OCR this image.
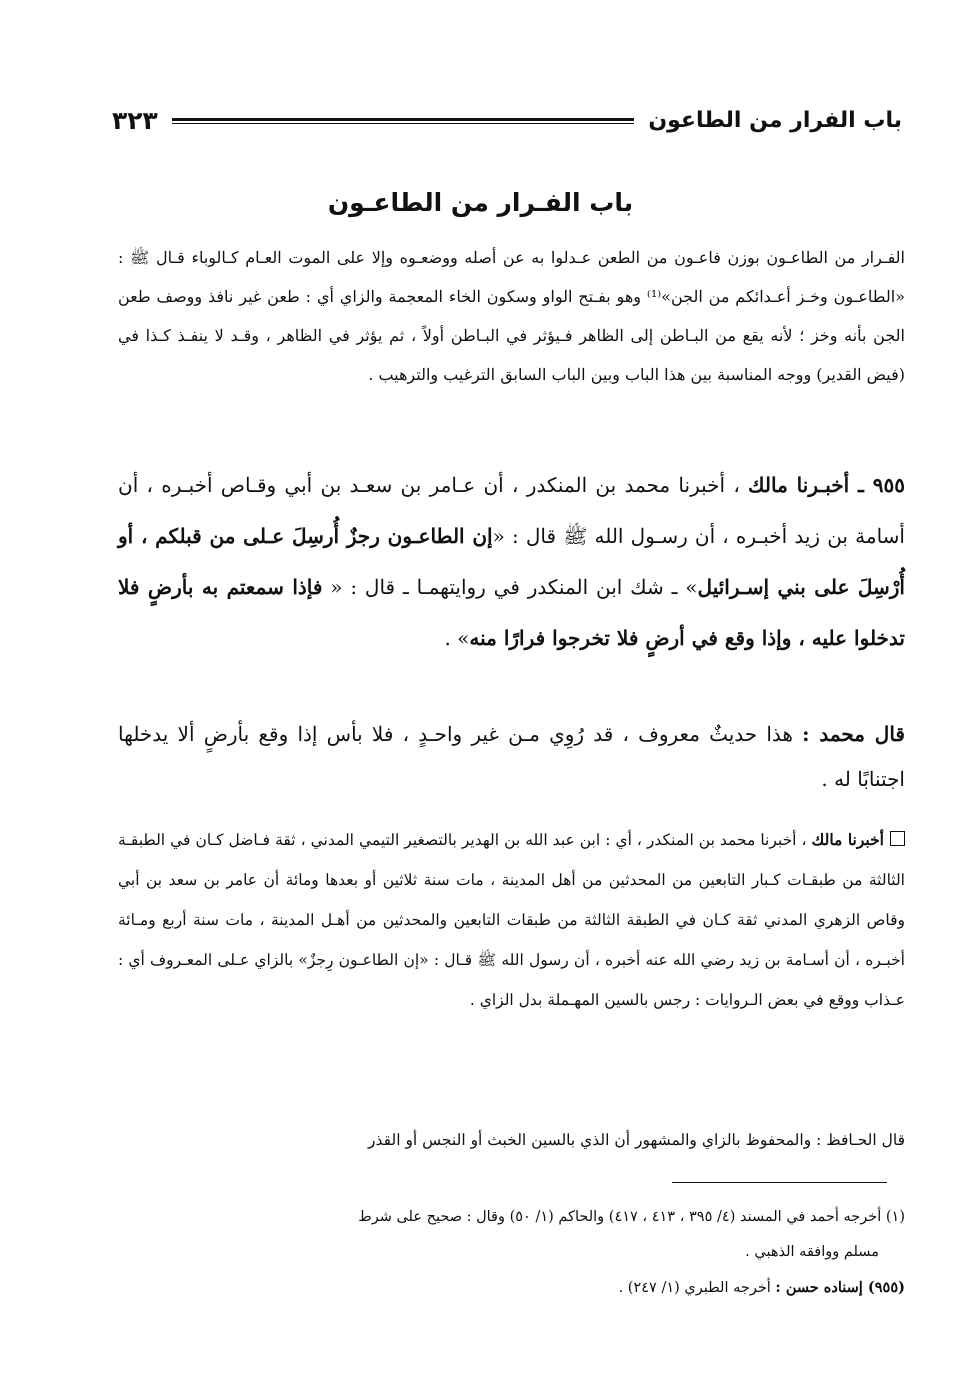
٣٢٣	باب الفرار من الطاعون
باب الفـرار من الطاعـون
الفـرار من الطاعـون بوزن فاعـون من الطعن عـدلوا به عن أصله ووضعـوه وإلا على الموت العـام كـالوباء قـال ﷺ : «الطاعـون وخـز أعـدائكم من الجن»⁽¹⁾ وهو بفـتح الواو وسكون الخاء المعجمة والزاي أي : طعن غير نافذ ووصف طعن الجن بأنه وخز ؛ لأنه يقع من البـاطن إلى الظاهر فـيؤثر في البـاطن أولاً ، ثم يؤثر في الظاهر ، وقـد لا ينفـذ كـذا في (فيض القدير) ووجه المناسبة بين هذا الباب وبين الباب السابق الترغيب والترهيب .
٩٥٥ ـ أخبـرنا مالك ، أخبرنا محمد بن المنكدر ، أن عـامر بن سعـد بن أبي وقـاص أخبـره ، أن أسامة بن زيد أخبـره ، أن رسـول الله ﷺ قال : «إن الطاعـون رجزٌ أُرسِلَ عـلى من قبلكم ، أو أُرْسِلَ على بني إسـرائيل» ـ شك ابن المنكدر في روايتهمـا ـ قال : « فإذا سمعتم به بأرضٍ فلا تدخلوا عليه ، وإذا وقع في أرضٍ فلا تخرجوا فرارًا منه» .
قال محمد : هذا حديثٌ معروف ، قد رُوِي مـن غير واحـدٍ ، فلا بأس إذا وقع بأرضٍ ألا يدخلها اجتنابًا له .
أخبرنا مالك ، أخبرنا محمد بن المنكدر ، أي : ابن عبد الله بن الهدير بالتصغير التيمي المدني ، ثقة فـاضل كـان في الطبقـة الثالثة من طبقـات كـبار التابعين من المحدثين من أهل المدينة ، مات سنة ثلاثين أو بعدها ومائة أن عامر بن سعد بن أبي وقاص الزهري المدني ثقة كـان في الطبقة الثالثة من طبقات التابعين والمحدثين من أهـل المدينة ، مات سنة أربع ومـائة أخبـره ، أن أسـامة بن زيد رضي الله عنه أخبره ، أن رسول الله ﷺ قـال : «إن الطاعـون رِجزٌ» بالزاي عـلى المعـروف أي : عـذاب ووقع في بعض الـروايات : رجس بالسين المهـملة بدل الزاي .
قال الحـافظ : والمحفوظ بالزاي والمشهور أن الذي بالسين الخبث أو النجس أو القذر

(١) أخرجه أحمد في المسند (٤/ ٣٩٥ ، ٤١٣ ، ٤١٧) والحاكم (١/ ٥٠) وقال : صحيح على شرط

مسلم ووافقه الذهبي .

(٩٥٥) إسناده حسن : أخرجه الطبري (١/ ٢٤٧) .
